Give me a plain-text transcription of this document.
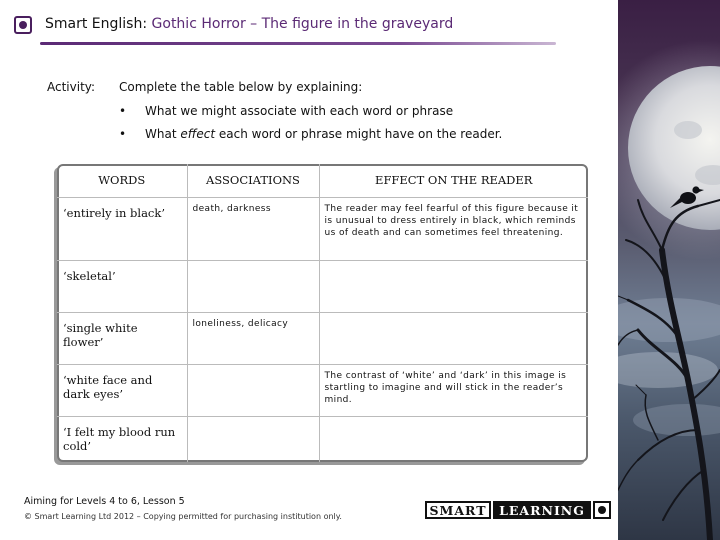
Smart English: Gothic Horror – The figure in the graveyard
Activity: Complete the table below by explaining:
• What we might associate with each word or phrase
• What effect each word or phrase might have on the reader.
WORDS	ASSOCIATIONS	EFFECT ON THE READER
‘entirely in black’	death, darkness	The reader may feel fearful of this figure because it is unusual to dress entirely in black, which reminds us of death and can sometimes feel threatening.
‘skeletal’		
‘single white flower’	loneliness, delicacy	
‘white face and dark eyes’		The contrast of ‘white’ and ‘dark’ in this image is startling to imagine and will stick in the reader’s mind.
‘I felt my blood run cold’		
Aiming for Levels 4 to 6, Lesson 5
© Smart Learning Ltd 2012 – Copying permitted for purchasing institution only.	SMART	LEARNING
